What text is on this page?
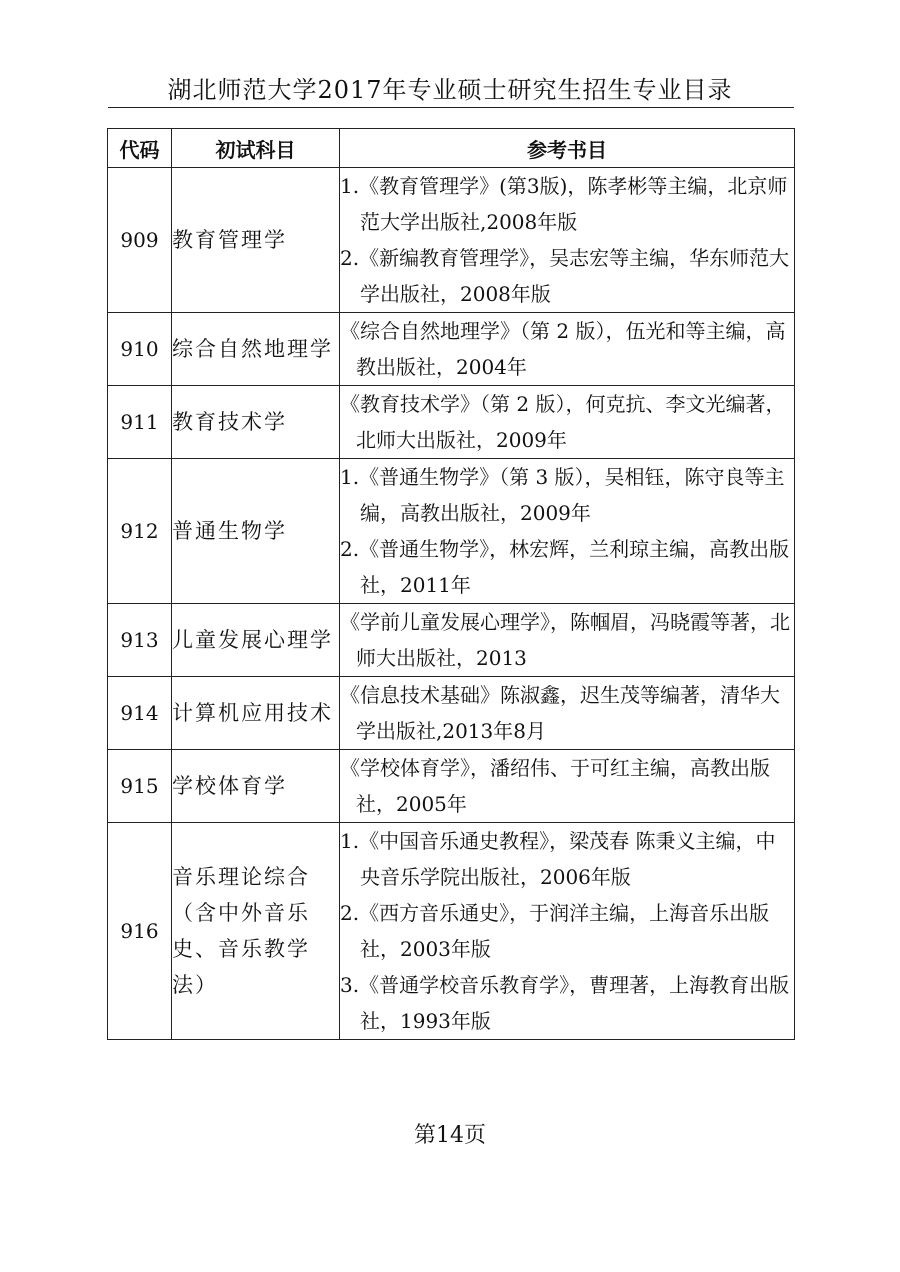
湖北师范大学2017年专业硕士研究生招生专业目录
代码	初试科目	参考书目
909	教育管理学	1.《教育管理学》(第3版)，陈孝彬等主编，北京师范大学出版社,2008年版
2.《新编教育管理学》，吴志宏等主编，华东师范大学出版社，2008年版

910	综合自然地理学	《综合自然地理学》（第 2 版），伍光和等主编，高教出版社，2004年

911	教育技术学	《教育技术学》（第 2 版），何克抗、李文光编著，北师大出版社，2009年

912	普通生物学	1.《普通生物学》（第 3 版），吴相钰，陈守良等主编，高教出版社，2009年
2.《普通生物学》，林宏辉，兰利琼主编，高教出版社，2011年

913	儿童发展心理学	《学前儿童发展心理学》，陈帼眉，冯晓霞等著，北师大出版社，2013

914	计算机应用技术	《信息技术基础》陈淑鑫，迟生茂等编著，清华大学出版社,2013年8月

915	学校体育学	《学校体育学》，潘绍伟、于可红主编，高教出版社，2005年

916	音乐理论综合（含中外音乐史、音乐教学法）	1.《中国音乐通史教程》，梁茂春 陈秉义主编，中央音乐学院出版社，2006年版
2.《西方音乐通史》，于润洋主编，上海音乐出版社，2003年版
3.《普通学校音乐教育学》，曹理著，上海教育出版社，1993年版
第14页
